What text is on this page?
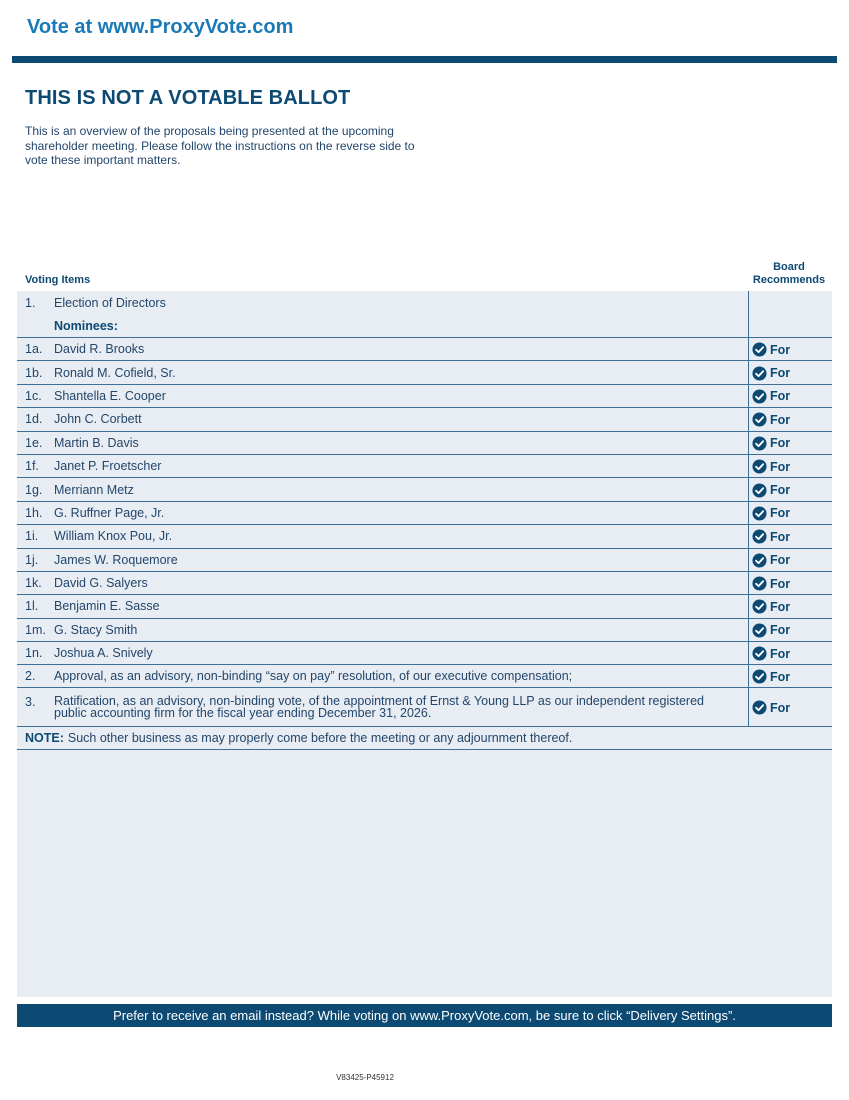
Vote at www.ProxyVote.com
THIS IS NOT A VOTABLE BALLOT
This is an overview of the proposals being presented at the upcoming shareholder meeting. Please follow the instructions on the reverse side to vote these important matters.
Voting Items
Board
Recommends
1.	Election of Directors
Nominees:
1a. David R. Brooks	For
1b. Ronald M. Cofield, Sr.	For
1c. Shantella E. Cooper	For
1d. John C. Corbett	For
1e. Martin B. Davis	For
1f.	Janet P. Froetscher	For
1g. Merriann Metz	For
1h. G. Ruffner Page, Jr.	For
1i.	William Knox Pou, Jr.	For
1j.	James W. Roquemore	For
1k. David G. Salyers	For
1l.	Benjamin E. Sasse	For
1m. G. Stacy Smith	For
1n. Joshua A. Snively	For
2.	Approval, as an advisory, non-binding “say on pay” resolution, of our executive compensation;	For
3.	Ratification, as an advisory, non-binding vote, of the appointment of Ernst & Young LLP as our independent registered
public accounting firm for the fiscal year ending December 31, 2026.	For
NOTE: Such other business as may properly come before the meeting or any adjournment thereof.
Prefer to receive an email instead? While voting on www.ProxyVote.com, be sure to click “Delivery Settings”.
V83425-P45912
